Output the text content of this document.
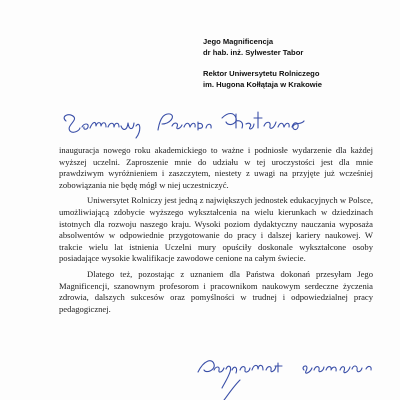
Jego Magnificencja
dr hab. inż. Sylwester Tabor
Rektor Uniwersytetu Rolniczego
im. Hugona Kołłątaja w Krakowie

inauguracja nowego roku akademickiego to ważne i podniosłe wydarzenie dla każdej wyższej uczelni. Zaproszenie mnie do udziału w tej uroczystości jest dla mnie prawdziwym wyróżnieniem i zaszczytem, niestety z uwagi na przyjęte już wcześniej zobowiązania nie będę mógł w niej uczestniczyć.

Uniwersytet Rolniczy jest jedną z największych jednostek edukacyjnych w Polsce, umożliwiającą zdobycie wyższego wykształcenia na wielu kierunkach w dziedzinach istotnych dla rozwoju naszego kraju. Wysoki poziom dydaktyczny nauczania wyposaża absolwentów w odpowiednie przygotowanie do pracy i dalszej kariery naukowej. W trakcie wielu lat istnienia Uczelni mury opuściły doskonale wykształcone osoby posiadające wysokie kwalifikacje zawodowe cenione na całym świecie.

Dlatego też, pozostając z uznaniem dla Państwa dokonań przesyłam Jego Magnificencji, szanownym profesorom i pracownikom naukowym serdeczne życzenia zdrowia, dalszych sukcesów oraz pomyślności w trudnej i odpowiedzialnej pracy pedagogicznej.
